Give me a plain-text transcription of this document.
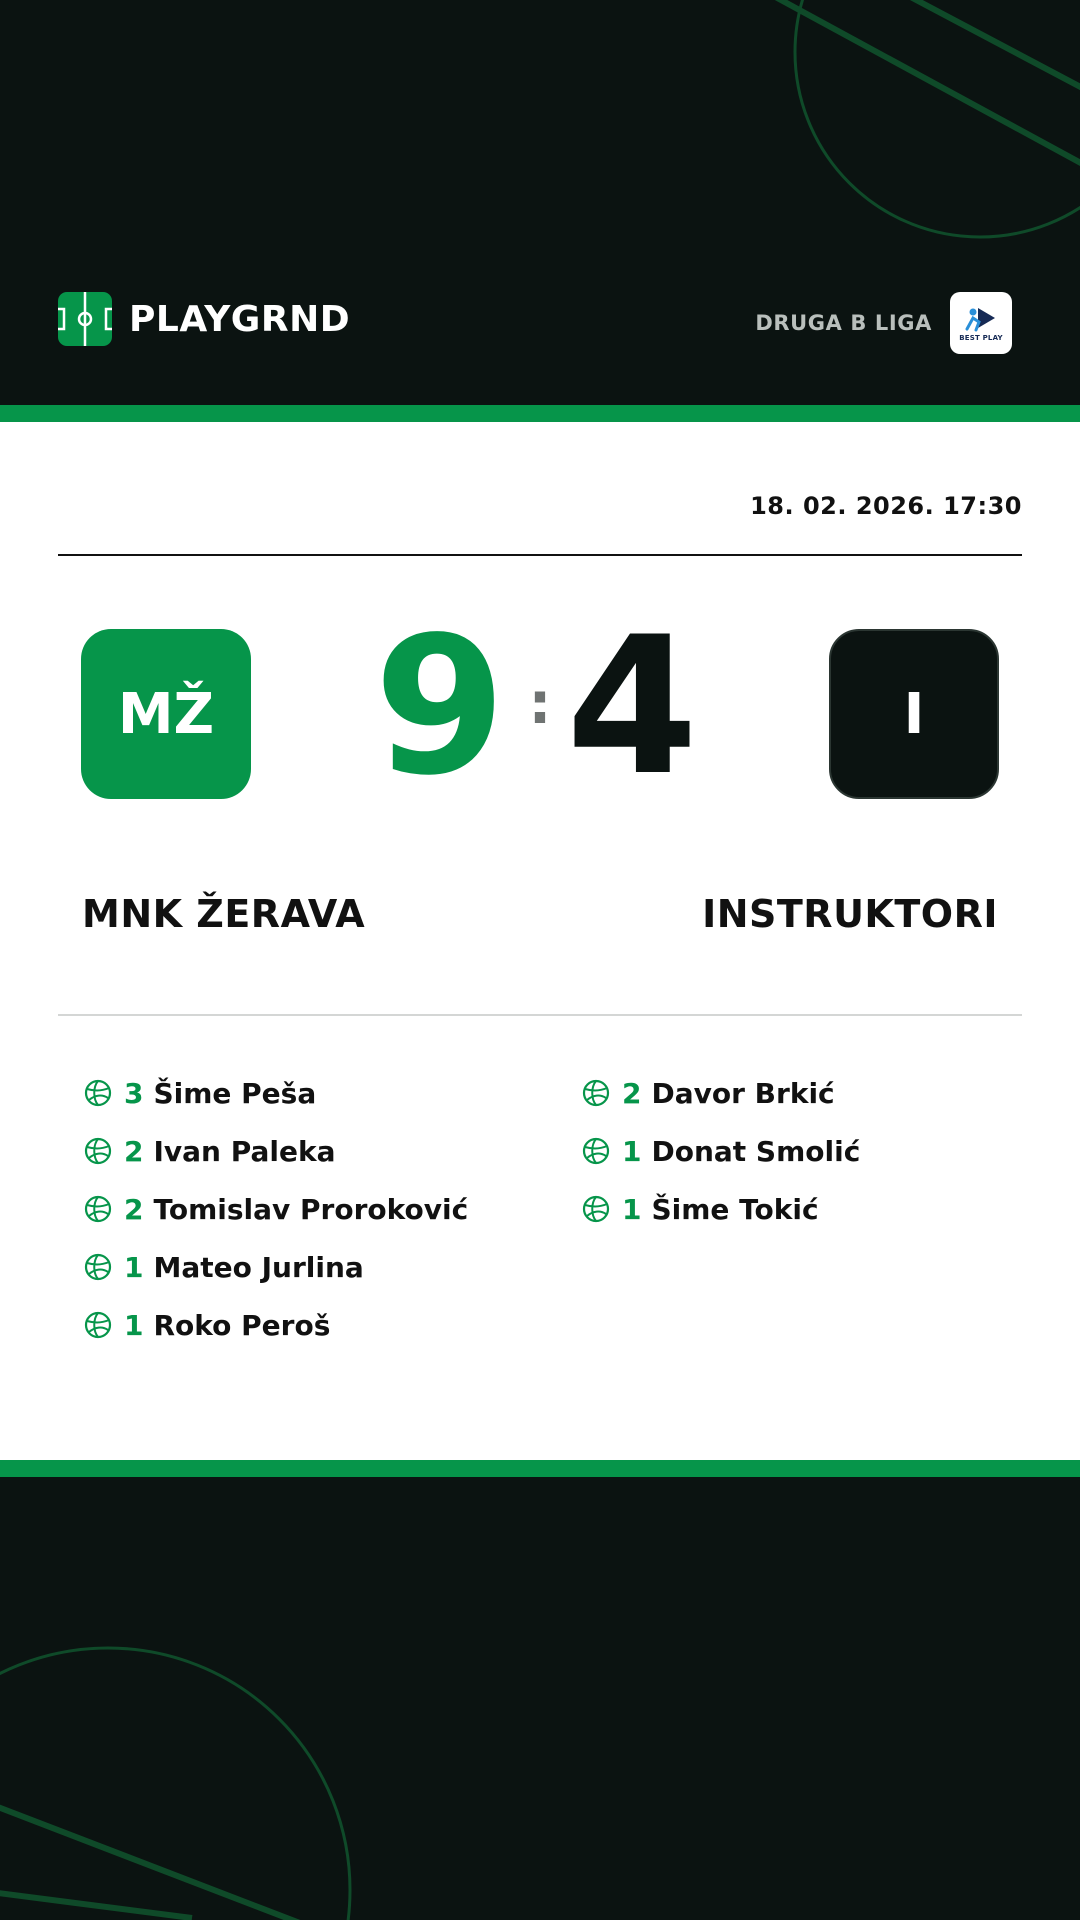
PLAYGRND	DRUGA B LIGA
BEST PLAY
18. 02. 2026. 17:30
MŽ 9 : 4	I
MNK ŽERAVA	INSTRUKTORI
3 Šime Peša
2 Ivan Paleka
2 Tomislav Proroković
1 Mateo Jurlina
1 Roko Peroš
2 Davor Brkić
1 Donat Smolić
1 Šime Tokić
